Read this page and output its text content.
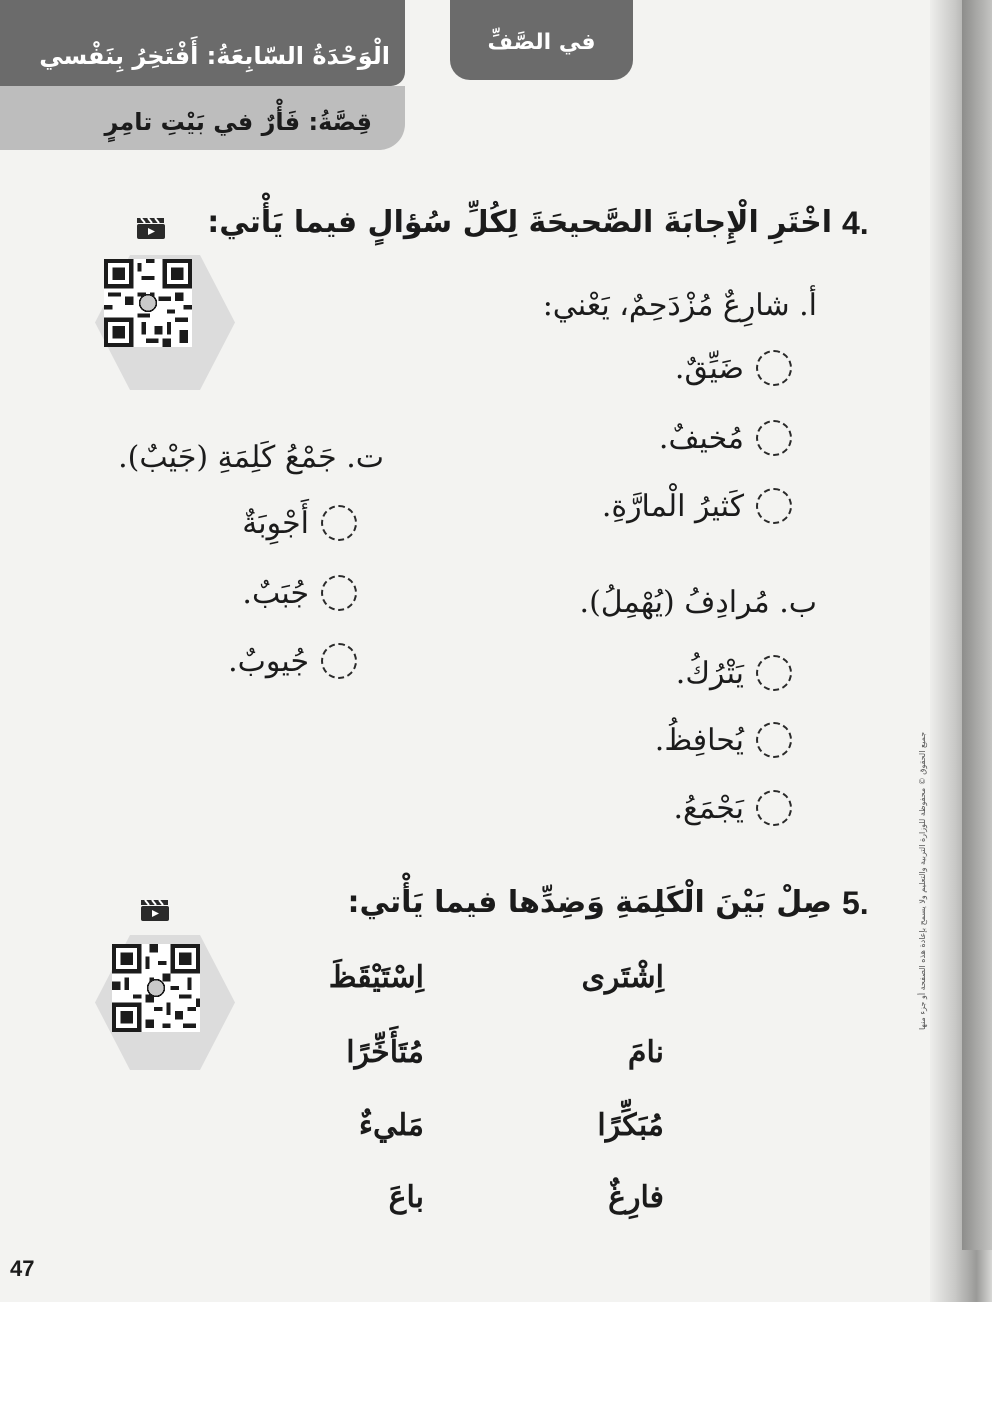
الْوَحْدَةُ السّابِعَةُ: أَفْتَخِرُ بِنَفْسي
قِصَّةُ: فَأْرٌ في بَيْتِ تامِرٍ
في الصَّفِّ
4.
اخْتَرِ الْإِجابَةَ الصَّحيحَةَ لِكُلِّ سُؤالٍ فيما يَأْتي:
أ. شارِعٌ مُزْدَحِمٌ، يَعْني:
ضَيِّقٌ.
مُخيفٌ.
كَثيرُ الْمارَّةِ.
ب. مُرادِفُ (يُهْمِلُ).
يَتْرُكُ.
يُحافِظُ.
يَجْمَعُ.
ت. جَمْعُ كَلِمَةِ (جَيْبٌ).
أَجْوِبَةٌ
جُبَبٌ.
جُيوبٌ.
5.
صِلْ بَيْنَ الْكَلِمَةِ وَضِدِّها فيما يَأْتي:
اِشْتَرى
نامَ
مُبَكِّرًا
فارِغٌ
اِسْتَيْقَظَ
مُتَأَخِّرًا
مَليءٌ
باعَ
جميع الحقوق © محفوظة للوزارة التربية والتعليم ولا يسمح بإعادة هذه الصفحة أو جزء منها
47
